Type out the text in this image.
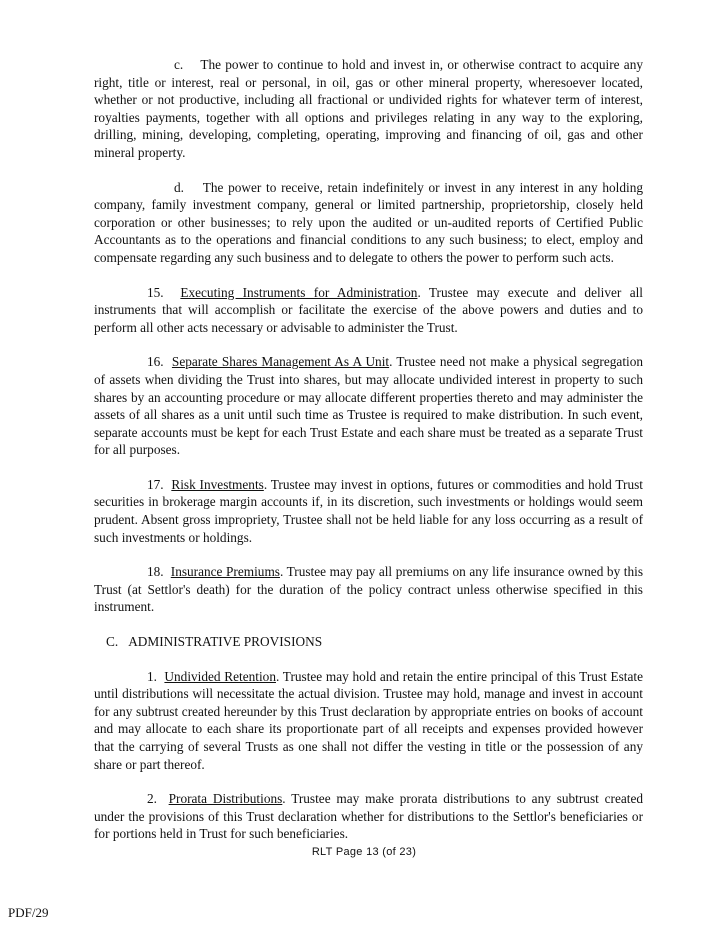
c. The power to continue to hold and invest in, or otherwise contract to acquire any right, title or interest, real or personal, in oil, gas or other mineral property, wheresoever located, whether or not productive, including all fractional or undivided rights for whatever term of interest, royalties payments, together with all options and privileges relating in any way to the exploring, drilling, mining, developing, completing, operating, improving and financing of oil, gas and other mineral property.

d. The power to receive, retain indefinitely or invest in any interest in any holding company, family investment company, general or limited partnership, proprietorship, closely held corporation or other businesses; to rely upon the audited or un-audited reports of Certified Public Accountants as to the operations and financial conditions to any such business; to elect, employ and compensate regarding any such business and to delegate to others the power to perform such acts.

15. Executing Instruments for Administration. Trustee may execute and deliver all instruments that will accomplish or facilitate the exercise of the above powers and duties and to perform all other acts necessary or advisable to administer the Trust.

16. Separate Shares Management As A Unit. Trustee need not make a physical segregation of assets when dividing the Trust into shares, but may allocate undivided interest in property to such shares by an accounting procedure or may allocate different properties thereto and may administer the assets of all shares as a unit until such time as Trustee is required to make distribution. In such event, separate accounts must be kept for each Trust Estate and each share must be treated as a separate Trust for all purposes.

17. Risk Investments. Trustee may invest in options, futures or commodities and hold Trust securities in brokerage margin accounts if, in its discretion, such investments or holdings would seem prudent. Absent gross impropriety, Trustee shall not be held liable for any loss occurring as a result of such investments or holdings.

18. Insurance Premiums. Trustee may pay all premiums on any life insurance owned by this Trust (at Settlor's death) for the duration of the policy contract unless otherwise specified in this instrument.

C. ADMINISTRATIVE PROVISIONS

1. Undivided Retention. Trustee may hold and retain the entire principal of this Trust Estate until distributions will necessitate the actual division. Trustee may hold, manage and invest in account for any subtrust created hereunder by this Trust declaration by appropriate entries on books of account and may allocate to each share its proportionate part of all receipts and expenses provided however that the carrying of several Trusts as one shall not differ the vesting in title or the possession of any share or part thereof.

2. Prorata Distributions. Trustee may make prorata distributions to any subtrust created under the provisions of this Trust declaration whether for distributions to the Settlor's beneficiaries or for portions held in Trust for such beneficiaries.

RLT Page 13 (of 23)
PDF/29
